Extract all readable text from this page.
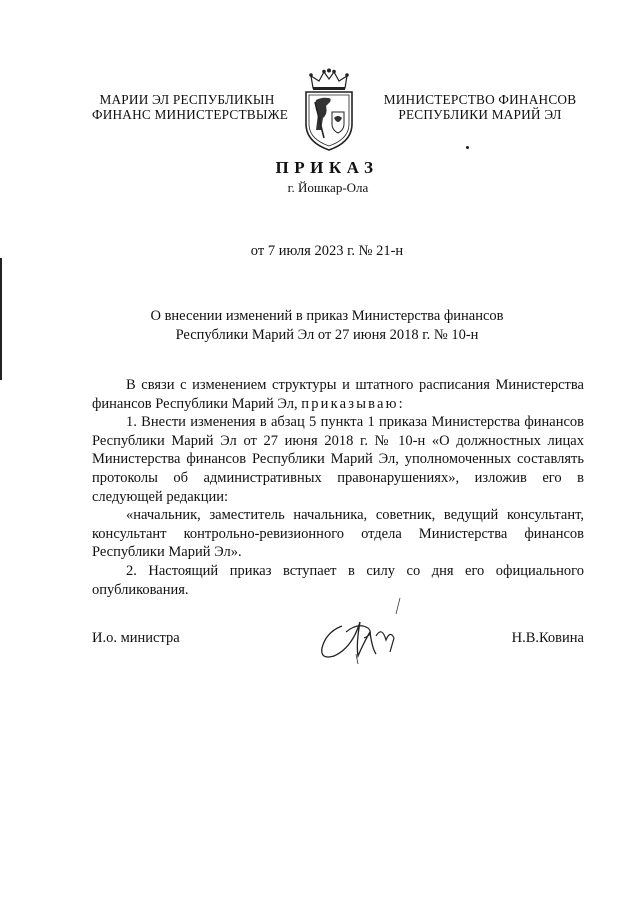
МАРИИ ЭЛ РЕСПУБЛИКЫН
ФИНАНС МИНИСТЕРСТВЫЖЕ
МИНИСТЕРСТВО ФИНАНСОВ
РЕСПУБЛИКИ МАРИЙ ЭЛ
ПРИКАЗ
г. Йошкар-Ола
от 7 июля 2023 г. № 21-н
О внесении изменений в приказ Министерства финансов
Республики Марий Эл от 27 июня 2018 г. № 10-н

В связи с изменением структуры и штатного расписания Министерства финансов Республики Марий Эл, приказываю:

1. Внести изменения в абзац 5 пункта 1 приказа Министерства финансов Республики Марий Эл от 27 июня 2018 г. № 10-н «О должностных лицах Министерства финансов Республики Марий Эл, уполномоченных составлять протоколы об административных правонарушениях», изложив его в следующей редакции:

«начальник, заместитель начальника, советник, ведущий консультант, консультант контрольно-ревизионного отдела Министерства финансов Республики Марий Эл».

2. Настоящий приказ вступает в силу со дня его официального опубликования.

И.о. министра	Н.В.Ковина
